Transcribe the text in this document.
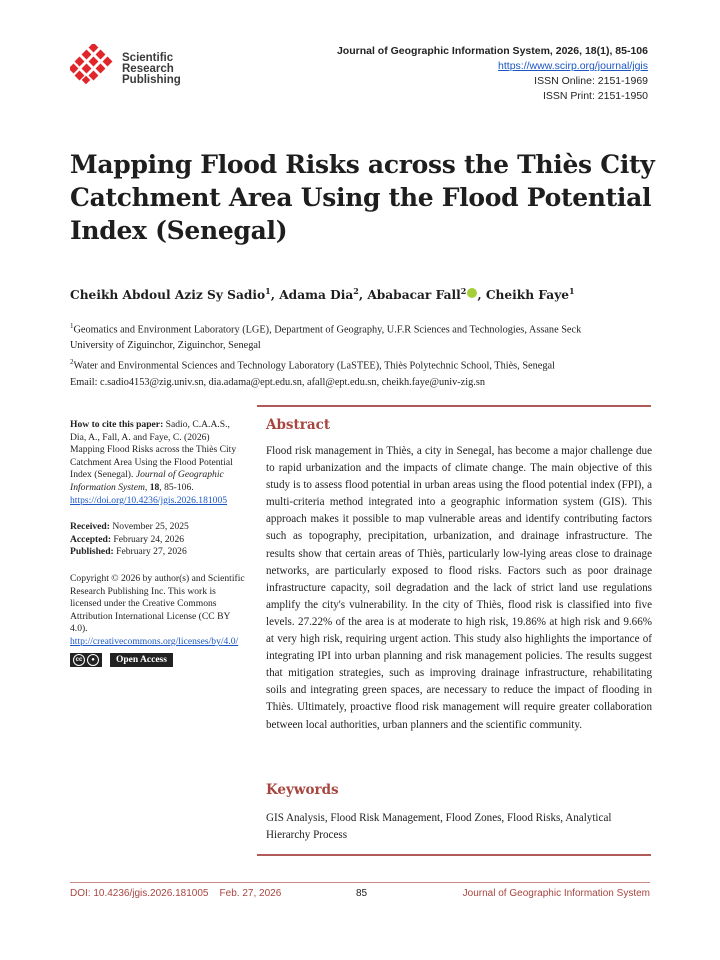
Scientific
Research
Publishing
Journal of Geographic Information System, 2026, 18(1), 85-106
https://www.scirp.org/journal/jgis
ISSN Online: 2151-1969
ISSN Print: 2151-1950
Mapping Flood Risks across the Thiès City Catchment Area Using the Flood Potential Index (Senegal)
Cheikh Abdoul Aziz Sy Sadio$^1$, Adama Dia$^2$, Ababacar Fall$^2$ , Cheikh Faye$^1$
$^1$Geomatics and Environment Laboratory (LGE), Department of Geography, U.F.R Sciences and Technologies, Assane Seck
University of Ziguinchor, Ziguinchor, Senegal
$^2$Water and Environmental Sciences and Technology Laboratory (LaSTEE), Thiès Polytechnic School, Thiès, Senegal
Email: c.sadio4153@zig.univ.sn, dia.adama@ept.edu.sn, afall@ept.edu.sn, cheikh.faye@univ-zig.sn
How to cite this paper: Sadio, C.A.A.S., Dia, A., Fall, A. and Faye, C. (2026) Mapping Flood Risks across the Thiès City Catchment Area Using the Flood Potential Index (Senegal). Journal of Geographic Information System, 18, 85-106. https://doi.org/10.4236/jgis.2026.181005
Received: November 25, 2025
Accepted: February 24, 2026
Published: February 27, 2026
Copyright © 2026 by author(s) and Scientific Research Publishing Inc. This work is licensed under the Creative Commons Attribution International License (CC BY 4.0).
http://creativecommons.org/licenses/by/4.0/
cc	●	Open Access
Abstract

Flood risk management in Thiès, a city in Senegal, has become a major challenge due to rapid urbanization and the impacts of climate change. The main objective of this study is to assess flood potential in urban areas using the flood potential index (FPI), a multi-criteria method integrated into a geographic information system (GIS). This approach makes it possible to map vulnerable areas and identify contributing factors such as topography, precipitation, urbanization, and drainage infrastructure. The results show that certain areas of Thiès, particularly low-lying areas close to drainage networks, are particularly exposed to flood risks. Factors such as poor drainage infrastructure capacity, soil degradation and the lack of strict land use regulations amplify the city's vulnerability. In the city of Thiès, flood risk is classified into five levels. 27.22% of the area is at moderate to high risk, 19.86% at high risk and 9.66% at very high risk, requiring urgent action. This study also highlights the importance of integrating IPI into urban planning and risk management policies. The results suggest that mitigation strategies, such as improving drainage infrastructure, rehabilitating soils and integrating green spaces, are necessary to reduce the impact of flooding in Thiès. Ultimately, proactive flood risk management will require greater collaboration between local authorities, urban planners and the scientific community.

Keywords

GIS Analysis, Flood Risk Management, Flood Zones, Flood Risks, Analytical Hierarchy Process

DOI: 10.4236/jgis.2026.181005    Feb. 27, 2026	85	Journal of Geographic Information System
